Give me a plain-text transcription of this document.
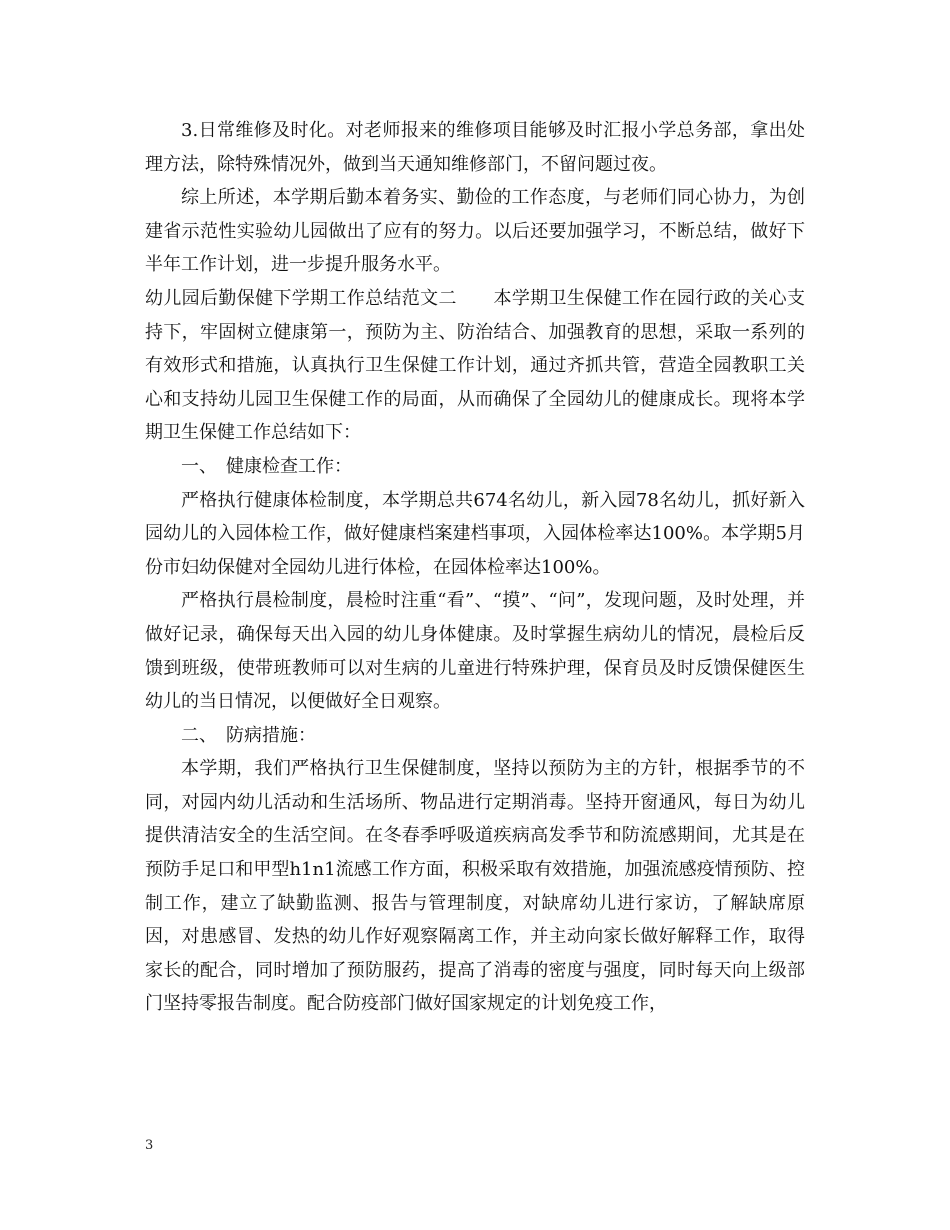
3.日常维修及时化。对老师报来的维修项目能够及时汇报小学总务部，拿出处理方法，除特殊情况外，做到当天通知维修部门，不留问题过夜。

综上所述，本学期后勤本着务实、勤俭的工作态度，与老师们同心协力，为创建省示范性实验幼儿园做出了应有的努力。以后还要加强学习，不断总结，做好下半年工作计划，进一步提升服务水平。

幼儿园后勤保健下学期工作总结范文二　　本学期卫生保健工作在园行政的关心支持下，牢固树立健康第一，预防为主、防治结合、加强教育的思想，采取一系列的有效形式和措施，认真执行卫生保健工作计划，通过齐抓共管，营造全园教职工关心和支持幼儿园卫生保健工作的局面，从而确保了全园幼儿的健康成长。现将本学期卫生保健工作总结如下：

一、　健康检查工作：

严格执行健康体检制度，本学期总共674名幼儿，新入园78名幼儿，抓好新入园幼儿的入园体检工作，做好健康档案建档事项，入园体检率达100%。本学期5月份市妇幼保健对全园幼儿进行体检，在园体检率达100%。

严格执行晨检制度，晨检时注重“看”、“摸”、“问”，发现问题，及时处理，并做好记录，确保每天出入园的幼儿身体健康。及时掌握生病幼儿的情况，晨检后反馈到班级，使带班教师可以对生病的儿童进行特殊护理，保育员及时反馈保健医生幼儿的当日情况，以便做好全日观察。

二、　防病措施：

本学期，我们严格执行卫生保健制度，坚持以预防为主的方针，根据季节的不同，对园内幼儿活动和生活场所、物品进行定期消毒。坚持开窗通风，每日为幼儿提供清洁安全的生活空间。在冬春季呼吸道疾病高发季节和防流感期间，尤其是在预防手足口和甲型h1n1流感工作方面，积极采取有效措施，加强流感疫情预防、控制工作，建立了缺勤监测、报告与管理制度，对缺席幼儿进行家访，了解缺席原因，对患感冒、发热的幼儿作好观察隔离工作，并主动向家长做好解释工作，取得家长的配合，同时增加了预防服药，提高了消毒的密度与强度，同时每天向上级部门坚持零报告制度。配合防疫部门做好国家规定的计划免疫工作，

3
